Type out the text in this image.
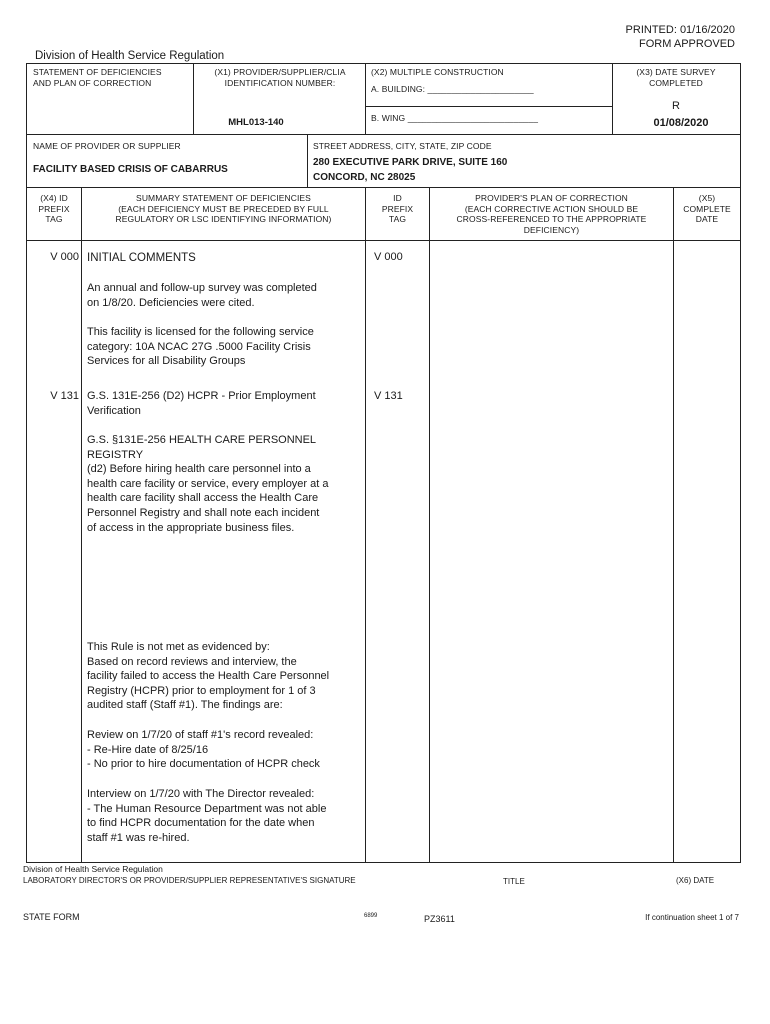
PRINTED: 01/16/2020
FORM APPROVED
Division of Health Service Regulation
STATEMENT OF DEFICIENCIES
AND PLAN OF CORRECTION
(X1) PROVIDER/SUPPLIER/CLIA
IDENTIFICATION NUMBER:
MHL013-140
(X2) MULTIPLE CONSTRUCTION
A. BUILDING: ______________________
B. WING ___________________________
(X3) DATE SURVEY
COMPLETED
R
01/08/2020
NAME OF PROVIDER OR SUPPLIER
FACILITY BASED CRISIS OF CABARRUS
STREET ADDRESS, CITY, STATE, ZIP CODE
280 EXECUTIVE PARK DRIVE, SUITE 160
CONCORD, NC 28025
(X4) ID
PREFIX
TAG
SUMMARY STATEMENT OF DEFICIENCIES
(EACH DEFICIENCY MUST BE PRECEDED BY FULL
REGULATORY OR LSC IDENTIFYING INFORMATION)
ID
PREFIX
TAG
PROVIDER'S PLAN OF CORRECTION
(EACH CORRECTIVE ACTION SHOULD BE
CROSS-REFERENCED TO THE APPROPRIATE
DEFICIENCY)
(X5)
COMPLETE
DATE
V 000	V 000
INITIAL COMMENTS

An annual and follow-up survey was completed
on 1/8/20. Deficiencies were cited.

This facility is licensed for the following service
category: 10A NCAC 27G .5000 Facility Crisis
Services for all Disability Groups

V 131	V 131

G.S. 131E-256 (D2) HCPR - Prior Employment
Verification

G.S. §131E-256 HEALTH CARE PERSONNEL
REGISTRY
(d2) Before hiring health care personnel into a
health care facility or service, every employer at a
health care facility shall access the Health Care
Personnel Registry and shall note each incident
of access in the appropriate business files.

This Rule is not met as evidenced by:
Based on record reviews and interview, the
facility failed to access the Health Care Personnel
Registry (HCPR) prior to employment for 1 of 3
audited staff (Staff #1). The findings are:

Review on 1/7/20 of staff #1's record revealed:
- Re-Hire date of 8/25/16
- No prior to hire documentation of HCPR check

Interview on 1/7/20 with The Director revealed:
- The Human Resource Department was not able
to find HCPR documentation for the date when
staff #1 was re-hired.

Division of Health Service Regulation
LABORATORY DIRECTOR'S OR PROVIDER/SUPPLIER REPRESENTATIVE'S SIGNATURE	TITLE	(X6) DATE
STATE FORM	6899	PZ3611	If continuation sheet 1 of 7
